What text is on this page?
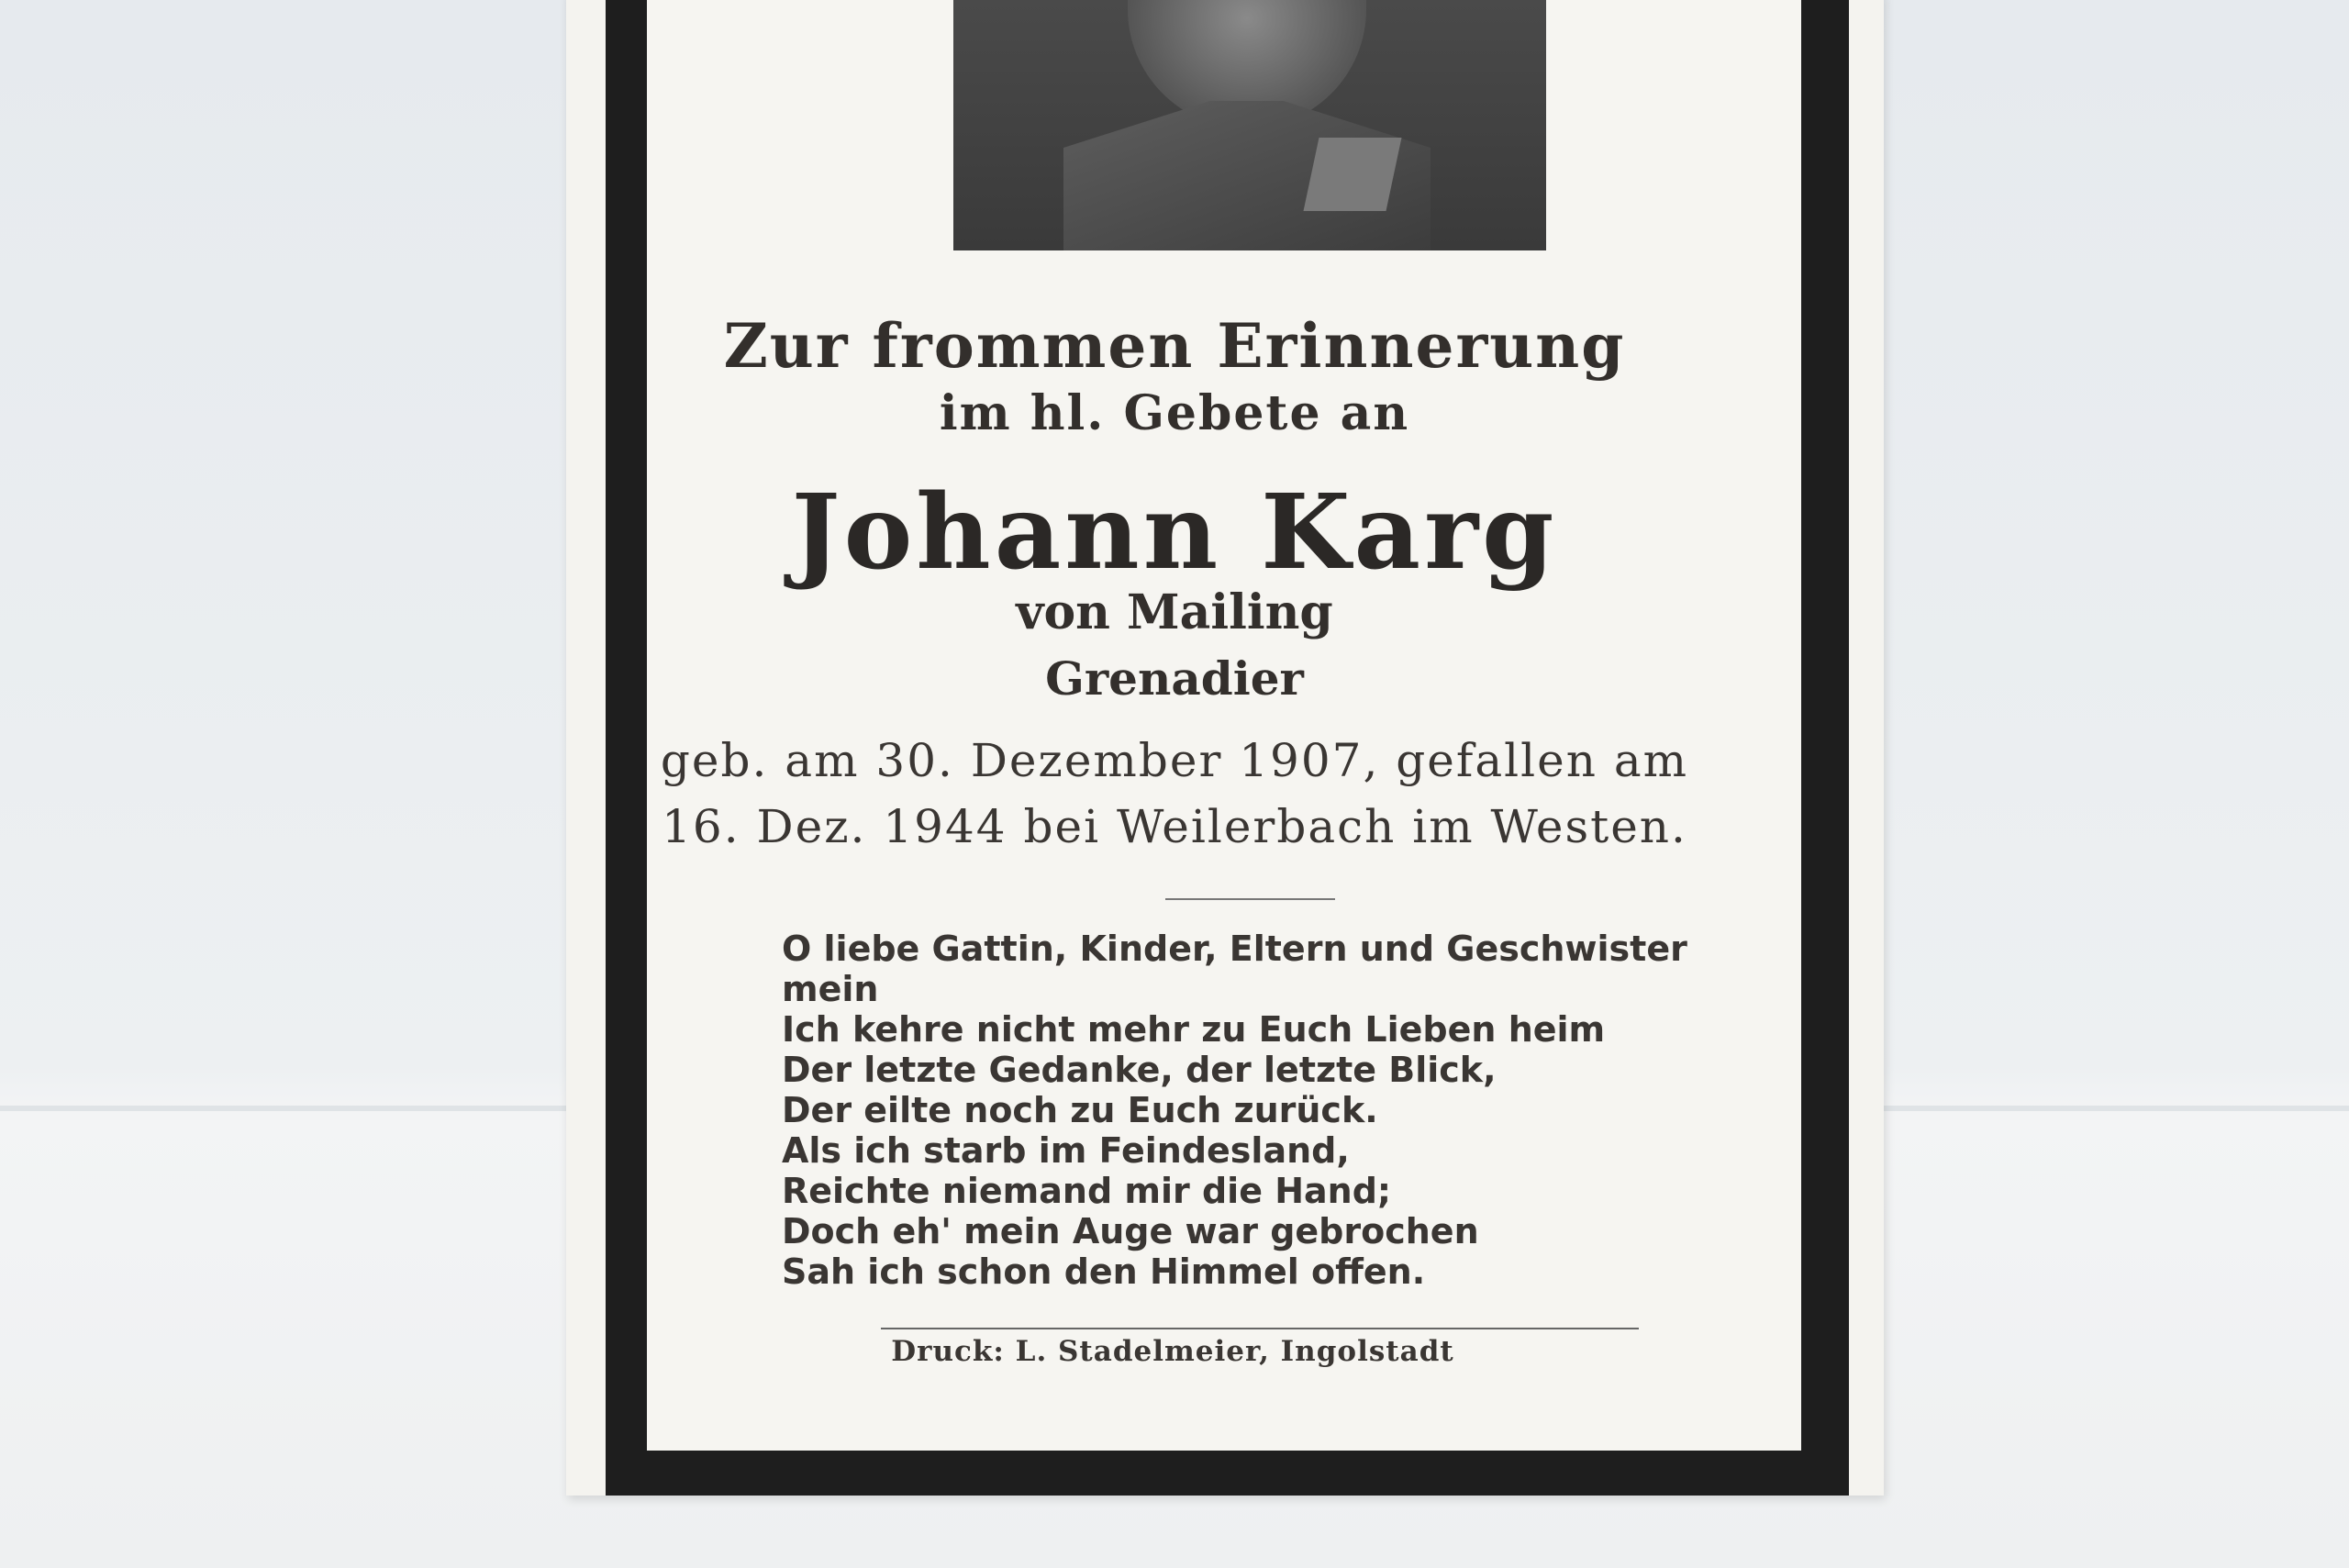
Zur frommen Erinnerung
im hl. Gebete an
Johann Karg
von Mailing
Grenadier
geb. am 30. Dezember 1907, gefallen am
16. Dez. 1944 bei Weilerbach im Westen.
O liebe Gattin, Kinder, Eltern und Geschwister
mein
Ich kehre nicht mehr zu Euch Lieben heim
Der letzte Gedanke, der letzte Blick,
Der eilte noch zu Euch zurück.
Als ich starb im Feindesland,
Reichte niemand mir die Hand;
Doch eh' mein Auge war gebrochen
Sah ich schon den Himmel offen.
Druck: L. Stadelmeier, Ingolstadt
